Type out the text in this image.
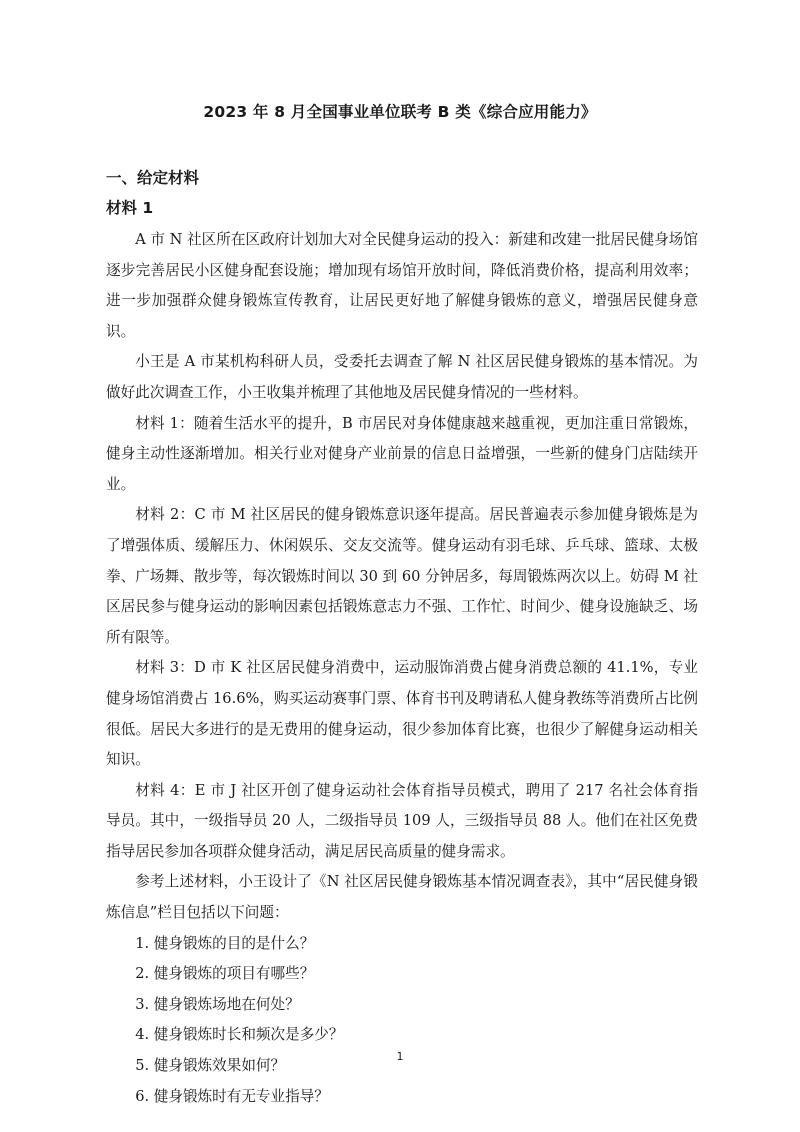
2023 年 8 月全国事业单位联考 B 类《综合应用能力》
一、给定材料
材料 1

A 市 N 社区所在区政府计划加大对全民健身运动的投入：新建和改建一批居民健身场馆逐步完善居民小区健身配套设施；增加现有场馆开放时间，降低消费价格，提高利用效率；进一步加强群众健身锻炼宣传教育，让居民更好地了解健身锻炼的意义，增强居民健身意识。

小王是 A 市某机构科研人员，受委托去调查了解 N 社区居民健身锻炼的基本情况。为做好此次调查工作，小王收集并梳理了其他地及居民健身情况的一些材料。

材料 1：随着生活水平的提升，B 市居民对身体健康越来越重视，更加注重日常锻炼，健身主动性逐渐增加。相关行业对健身产业前景的信息日益增强，一些新的健身门店陆续开业。

材料 2：C 市 M 社区居民的健身锻炼意识逐年提高。居民普遍表示参加健身锻炼是为了增强体质、缓解压力、休闲娱乐、交友交流等。健身运动有羽毛球、乒乓球、篮球、太极拳、广场舞、散步等，每次锻炼时间以 30 到 60 分钟居多，每周锻炼两次以上。妨碍 M 社区居民参与健身运动的影响因素包括锻炼意志力不强、工作忙、时间少、健身设施缺乏、场所有限等。

材料 3：D 市 K 社区居民健身消费中，运动服饰消费占健身消费总额的 41.1%，专业健身场馆消费占 16.6%，购买运动赛事门票、体育书刊及聘请私人健身教练等消费所占比例很低。居民大多进行的是无费用的健身运动，很少参加体育比赛，也很少了解健身运动相关知识。

材料 4：E 市 J 社区开创了健身运动社会体育指导员模式，聘用了 217 名社会体育指导员。其中，一级指导员 20 人，二级指导员 109 人，三级指导员 88 人。他们在社区免费指导居民参加各项群众健身活动，满足居民高质量的健身需求。

参考上述材料，小王设计了《N 社区居民健身锻炼基本情况调查表》，其中“居民健身锻炼信息”栏目包括以下问题：

1. 健身锻炼的目的是什么？

2. 健身锻炼的项目有哪些？

3. 健身锻炼场地在何处？

4. 健身锻炼时长和频次是多少？

5. 健身锻炼效果如何？

6. 健身锻炼时有无专业指导？

1
